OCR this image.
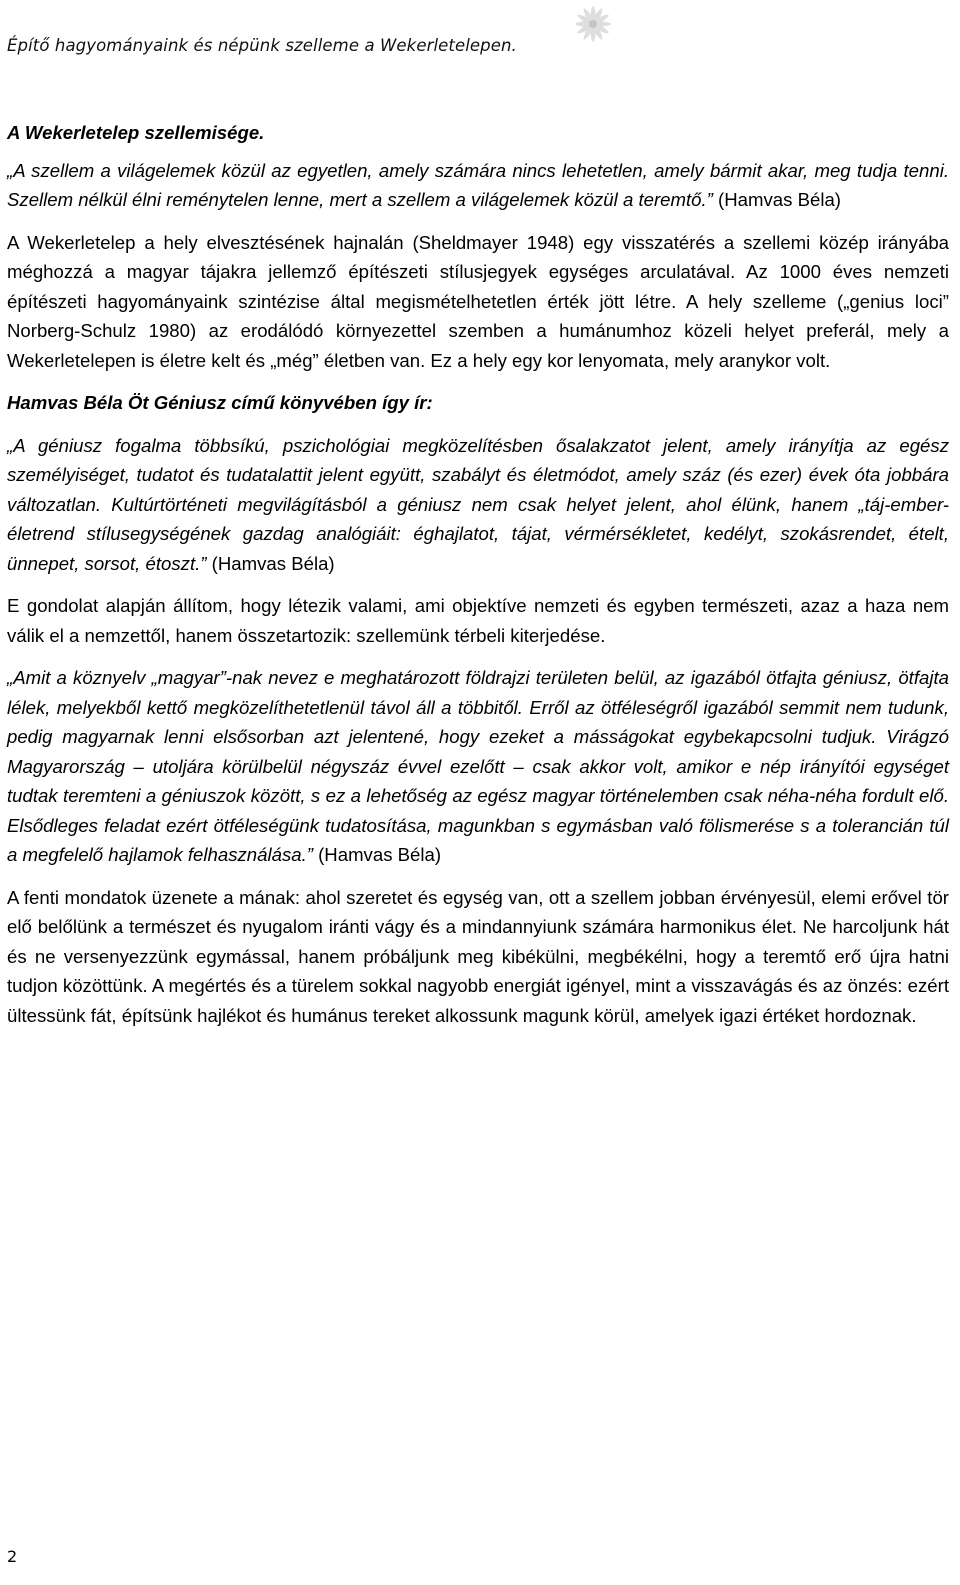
Építő hagyományaink és népünk szelleme a Wekerletelepen.

A Wekerletelep szellemisége.

„A szellem a világelemek közül az egyetlen, amely számára nincs lehetetlen, amely bármit akar, meg tudja tenni. Szellem nélkül élni reménytelen lenne, mert a szellem a világelemek közül a teremtő.” (Hamvas Béla)

A Wekerletelep a hely elvesztésének hajnalán (Sheldmayer 1948) egy visszatérés a szellemi közép irányába méghozzá a magyar tájakra jellemző építészeti stílusjegyek egységes arculatával. Az 1000 éves nemzeti építészeti hagyományaink szintézise által megismételhetetlen érték jött létre. A hely szelleme („genius loci” Norberg-Schulz 1980) az erodálódó környezettel szemben a humánumhoz közeli helyet preferál, mely a Wekerletelepen is életre kelt és „még” életben van. Ez a hely egy kor lenyomata, mely aranykor volt.

Hamvas Béla Öt Géniusz című könyvében így ír:

„A géniusz fogalma többsíkú, pszichológiai megközelítésben ősalakzatot jelent, amely irányítja az egész személyiséget, tudatot és tudatalattit jelent együtt, szabályt és életmódot, amely száz (és ezer) évek óta jobbára változatlan. Kultúrtörténeti megvilágításból a géniusz nem csak helyet jelent, ahol élünk, hanem „táj-ember-életrend stílusegységének gazdag analógiáit: éghajlatot, tájat, vérmérsékletet, kedélyt, szokásrendet, ételt, ünnepet, sorsot, étoszt.” (Hamvas Béla)

E gondolat alapján állítom, hogy létezik valami, ami objektíve nemzeti és egyben természeti, azaz a haza nem válik el a nemzettől, hanem összetartozik: szellemünk térbeli kiterjedése.

„Amit a köznyelv „magyar”-nak nevez e meghatározott földrajzi területen belül, az igazából ötfajta géniusz, ötfajta lélek, melyekből kettő megközelíthetetlenül távol áll a többitől. Erről az ötféleségről igazából semmit nem tudunk, pedig magyarnak lenni elsősorban azt jelentené, hogy ezeket a másságokat egybekapcsolni tudjuk. Virágzó Magyarország – utoljára körülbelül négyszáz évvel ezelőtt – csak akkor volt, amikor e nép irányítói egységet tudtak teremteni a géniuszok között, s ez a lehetőség az egész magyar történelemben csak néha-néha fordult elő. Elsődleges feladat ezért ötféleségünk tudatosítása, magunkban s egymásban való fölismerése s a tolerancián túl a megfelelő hajlamok felhasználása.” (Hamvas Béla)

A fenti mondatok üzenete a mának: ahol szeretet és egység van, ott a szellem jobban érvényesül, elemi erővel tör elő belőlünk a természet és nyugalom iránti vágy és a mindannyiunk számára harmonikus élet. Ne harcoljunk hát és ne versenyezzünk egymással, hanem próbáljunk meg kibékülni, megbékélni, hogy a teremtő erő újra hatni tudjon közöttünk. A megértés és a türelem sokkal nagyobb energiát igényel, mint a visszavágás és az önzés: ezért ültessünk fát, építsünk hajlékot és humánus tereket alkossunk magunk körül, amelyek igazi értéket hordoznak.

2
